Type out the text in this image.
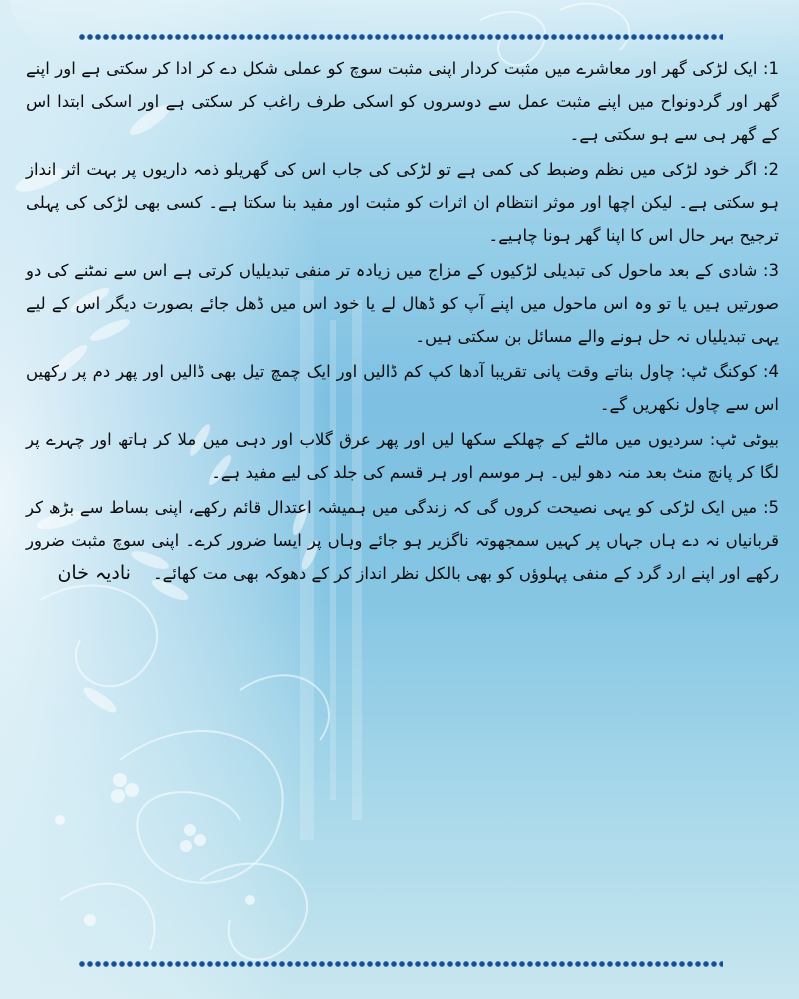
1: ایک لڑکی گھر اور معاشرے میں مثبت کردار اپنی مثبت سوچ کو عملی شکل دے کر ادا کر سکتی ہے اور اپنے گھر اور گردونواح میں اپنے مثبت عمل سے دوسروں کو اسکی طرف راغب کر سکتی ہے اور اسکی ابتدا اس کے گھر ہی سے ہو سکتی ہے۔

2: اگر خود لڑکی میں نظم وضبط کی کمی ہے تو لڑکی کی جاب اس کی گھریلو ذمہ داریوں پر بہت اثر انداز ہو سکتی ہے۔ لیکن اچھا اور موثر انتظام ان اثرات کو مثبت اور مفید بنا سکتا ہے۔ کسی بھی لڑکی کی پہلی ترجیح بہر حال اس کا اپنا گھر ہونا چاہیے۔

3: شادی کے بعد ماحول کی تبدیلی لڑکیوں کے مزاج میں زیادہ تر منفی تبدیلیاں کرتی ہے اس سے نمٹنے کی دو صورتیں ہیں یا تو وہ اس ماحول میں اپنے آپ کو ڈھال لے یا خود اس میں ڈھل جائے بصورت دیگر اس کے لیے یہی تبدیلیاں نہ حل ہونے والے مسائل بن سکتی ہیں۔

4: کوکنگ ٹپ: چاول بناتے وقت پانی تقریبا آدھا کپ کم ڈالیں اور ایک چمچ تیل بھی ڈالیں اور پھر دم پر رکھیں اس سے چاول نکھریں گے۔

بیوٹی ٹپ: سردیوں میں مالٹے کے چھلکے سکھا لیں اور پھر عرق گلاب اور دہی میں ملا کر ہاتھ اور چہرے پر لگا کر پانچ منٹ بعد منہ دھو لیں۔ ہر موسم اور ہر قسم کی جلد کی لیے مفید ہے۔

5: میں ایک لڑکی کو یہی نصیحت کروں گی کہ زندگی میں ہمیشہ اعتدال قائم رکھے، اپنی بساط سے بڑھ کر قربانیاں نہ دے ہاں جہاں پر کہیں سمجھوتہ ناگزیر ہو جائے وہاں پر ایسا ضرور کرے۔ اپنی سوچ مثبت ضرور رکھے اور اپنے ارد گرد کے منفی پہلوؤں کو بھی بالکل نظر انداز کر کے دھوکہ بھی مت کھائے۔نادیہ خان
